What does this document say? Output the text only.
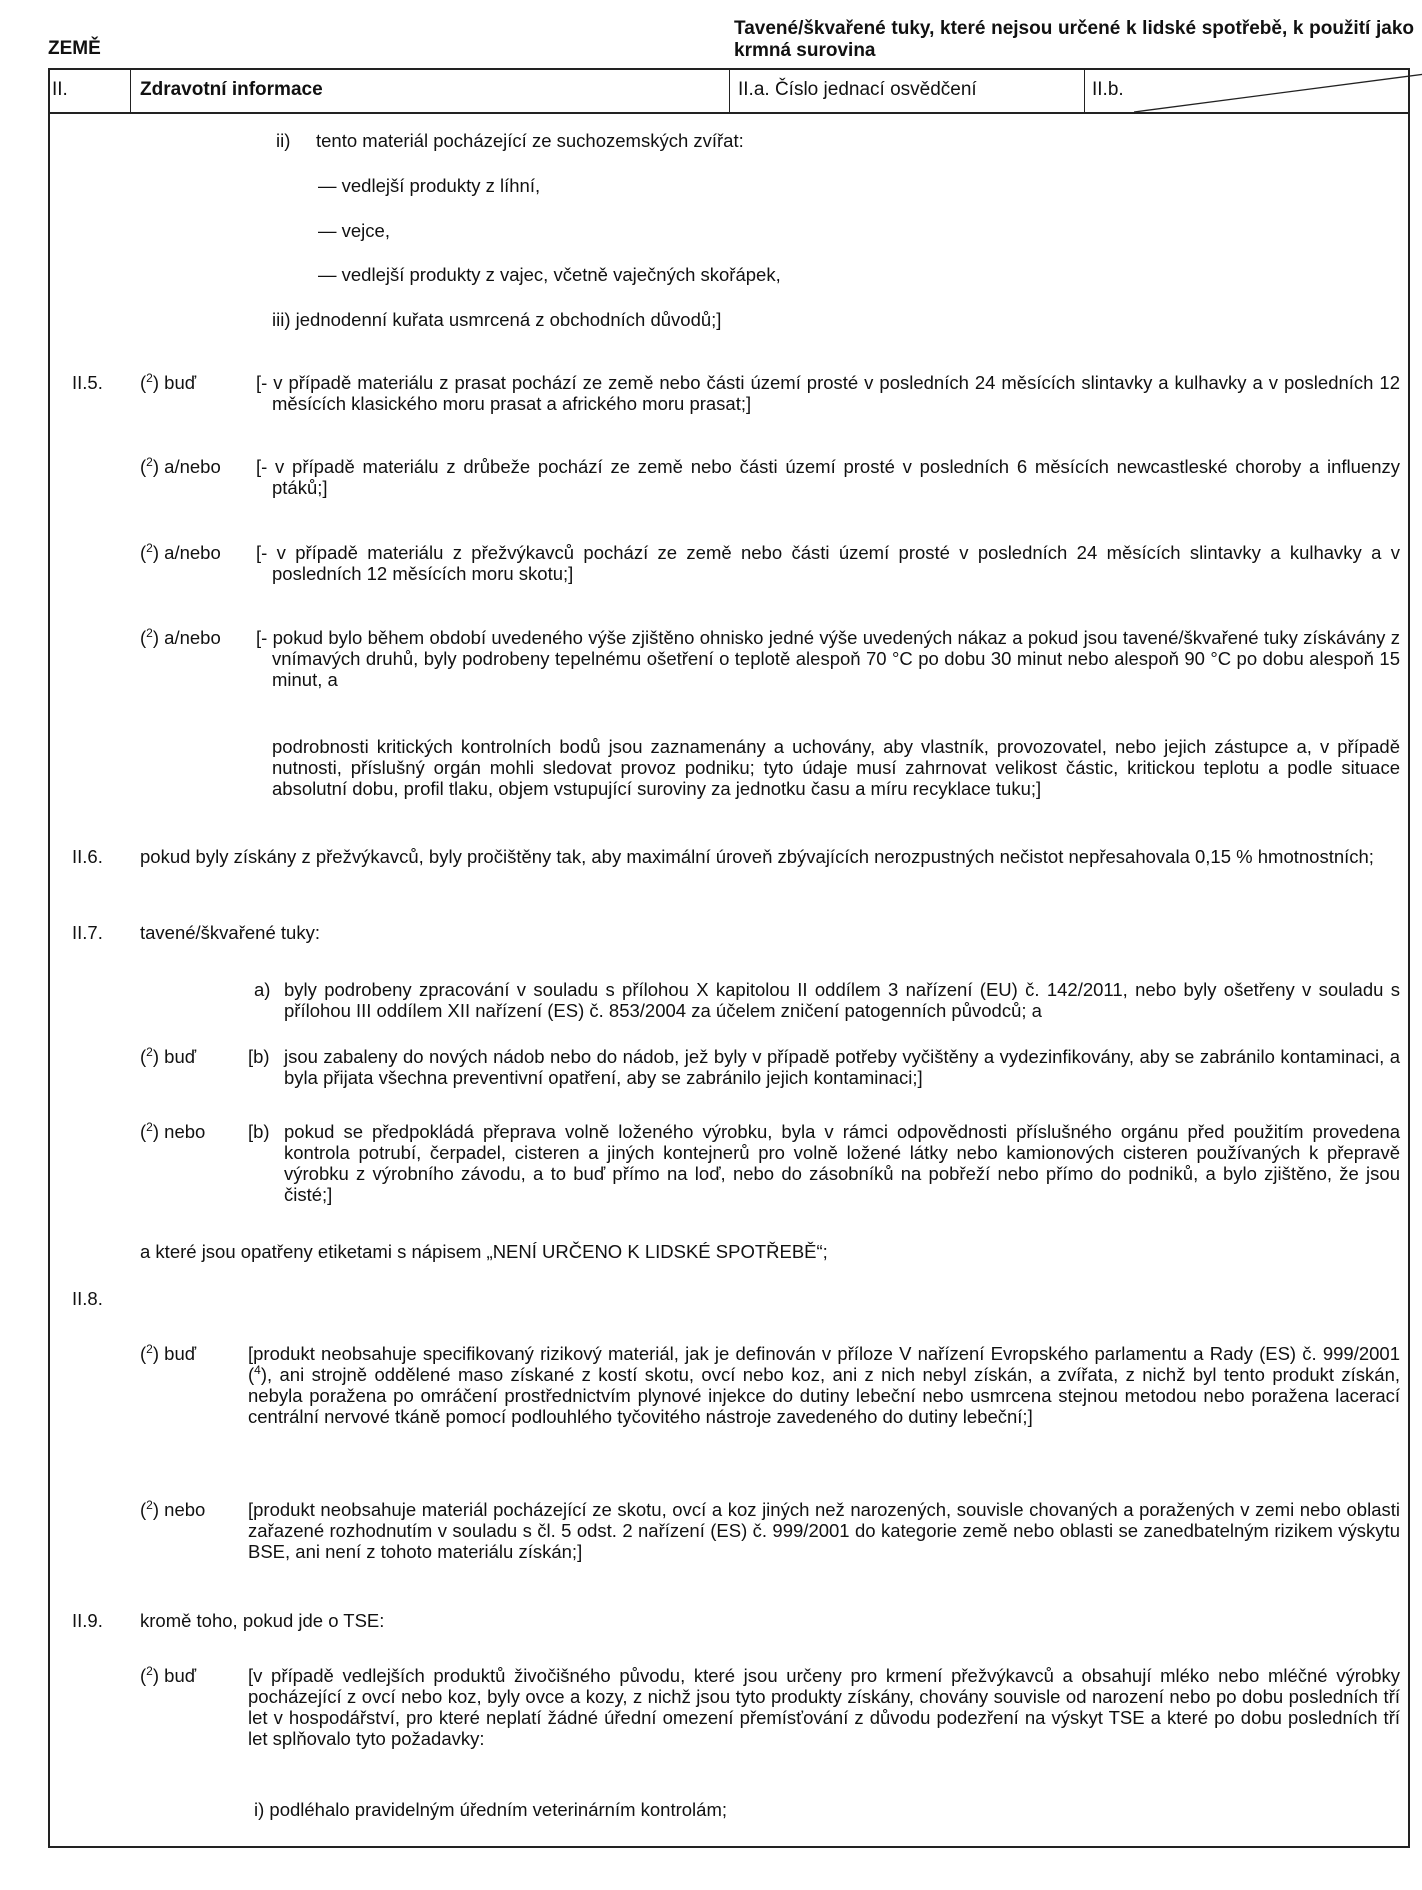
ZEMĚ
Tavené/škvařené tuky, které nejsou určené k lidské spotřebě, k použití jako krmná surovina
II.	Zdravotní informace	II.a. Číslo jednací osvědčení	II.b.
ii) tento materiál pocházející ze suchozemských zvířat:
— vedlejší produkty z líhní,
— vejce,
— vedlejší produkty z vajec, včetně vaječných skořápek,
iii) jednodenní kuřata usmrcená z obchodních důvodů;]
II.5. ($^2$) buď	[- v případě materiálu z prasat pochází ze země nebo části území prosté v posledních 24 měsících slintavky a kulhavky a v posledních 12 měsících klasického moru prasat a afrického moru prasat;]
($^2$) a/nebo [- v případě materiálu z drůbeže pochází ze země nebo části území prosté v posledních 6 měsících newcastleské choroby a influenzy ptáků;]
($^2$) a/nebo [- v případě materiálu z přežvýkavců pochází ze země nebo části území prosté v posledních 24 měsících slintavky a kulhavky a v posledních 12 měsících moru skotu;]
($^2$) a/nebo [- pokud bylo během období uvedeného výše zjištěno ohnisko jedné výše uvedených nákaz a pokud jsou tavené/škvařené tuky získávány z vnímavých druhů, byly podrobeny tepelnému ošetření o teplotě alespoň 70 °C po dobu 30 minut nebo alespoň 90 °C po dobu alespoň 15 minut, a
podrobnosti kritických kontrolních bodů jsou zaznamenány a uchovány, aby vlastník, provozovatel, nebo jejich zástupce a, v případě nutnosti, příslušný orgán mohli sledovat provoz podniku; tyto údaje musí zahrnovat velikost částic, kritickou teplotu a podle situace absolutní dobu, profil tlaku, objem vstupující suroviny za jednotku času a míru recyklace tuku;]
II.6. pokud byly získány z přežvýkavců, byly pročištěny tak, aby maximální úroveň zbývajících nerozpustných nečistot nepřesahovala 0,15 % hmotnostních;
II.7. tavené/škvařené tuky:
a) byly podrobeny zpracování v souladu s přílohou X kapitolou II oddílem 3 nařízení (EU) č. 142/2011, nebo byly ošetřeny v souladu s přílohou III oddílem XII nařízení (ES) č. 853/2004 za účelem zničení patogenních původců; a
($^2$) buď	[b) jsou zabaleny do nových nádob nebo do nádob, jež byly v případě potřeby vyčištěny a vydezinfikovány, aby se zabránilo kontaminaci, a byla přijata všechna preventivní opatření, aby se zabránilo jejich kontaminaci;]
($^2$) nebo [b) pokud se předpokládá přeprava volně loženého výrobku, byla v rámci odpovědnosti příslušného orgánu před použitím provedena kontrola potrubí, čerpadel, cisteren a jiných kontejnerů pro volně ložené látky nebo kamionových cisteren používaných k přepravě výrobku z výrobního závodu, a to buď přímo na loď, nebo do zásobníků na pobřeží nebo přímo do podniků, a bylo zjištěno, že jsou čisté;]
a které jsou opatřeny etiketami s nápisem „NENÍ URČENO K LIDSKÉ SPOTŘEBĚ“;
II.8.
($^2$) buď	[produkt neobsahuje specifikovaný rizikový materiál, jak je definován v příloze V nařízení Evropského parlamentu a Rady (ES) č. 999/2001 ($^4$), ani strojně oddělené maso získané z kostí skotu, ovcí nebo koz, ani z nich nebyl získán, a zvířata, z nichž byl tento produkt získán, nebyla poražena po omráčení prostřednictvím plynové injekce do dutiny lebeční nebo usmrcena stejnou metodou nebo poražena lacerací centrální nervové tkáně pomocí podlouhlého tyčovitého nástroje zavedeného do dutiny lebeční;]
($^2$) nebo [produkt neobsahuje materiál pocházející ze skotu, ovcí a koz jiných než narozených, souvisle chovaných a poražených v zemi nebo oblasti zařazené rozhodnutím v souladu s čl. 5 odst. 2 nařízení (ES) č. 999/2001 do kategorie země nebo oblasti se zanedbatelným rizikem výskytu BSE, ani není z tohoto materiálu získán;]
II.9. kromě toho, pokud jde o TSE:
($^2$) buď	[v případě vedlejších produktů živočišného původu, které jsou určeny pro krmení přežvýkavců a obsahují mléko nebo mléčné výrobky pocházející z ovcí nebo koz, byly ovce a kozy, z nichž jsou tyto produkty získány, chovány souvisle od narození nebo po dobu posledních tří let v hospodářství, pro které neplatí žádné úřední omezení přemísťování z důvodu podezření na výskyt TSE a které po dobu posledních tří let splňovalo tyto požadavky:
i) podléhalo pravidelným úředním veterinárním kontrolám;
